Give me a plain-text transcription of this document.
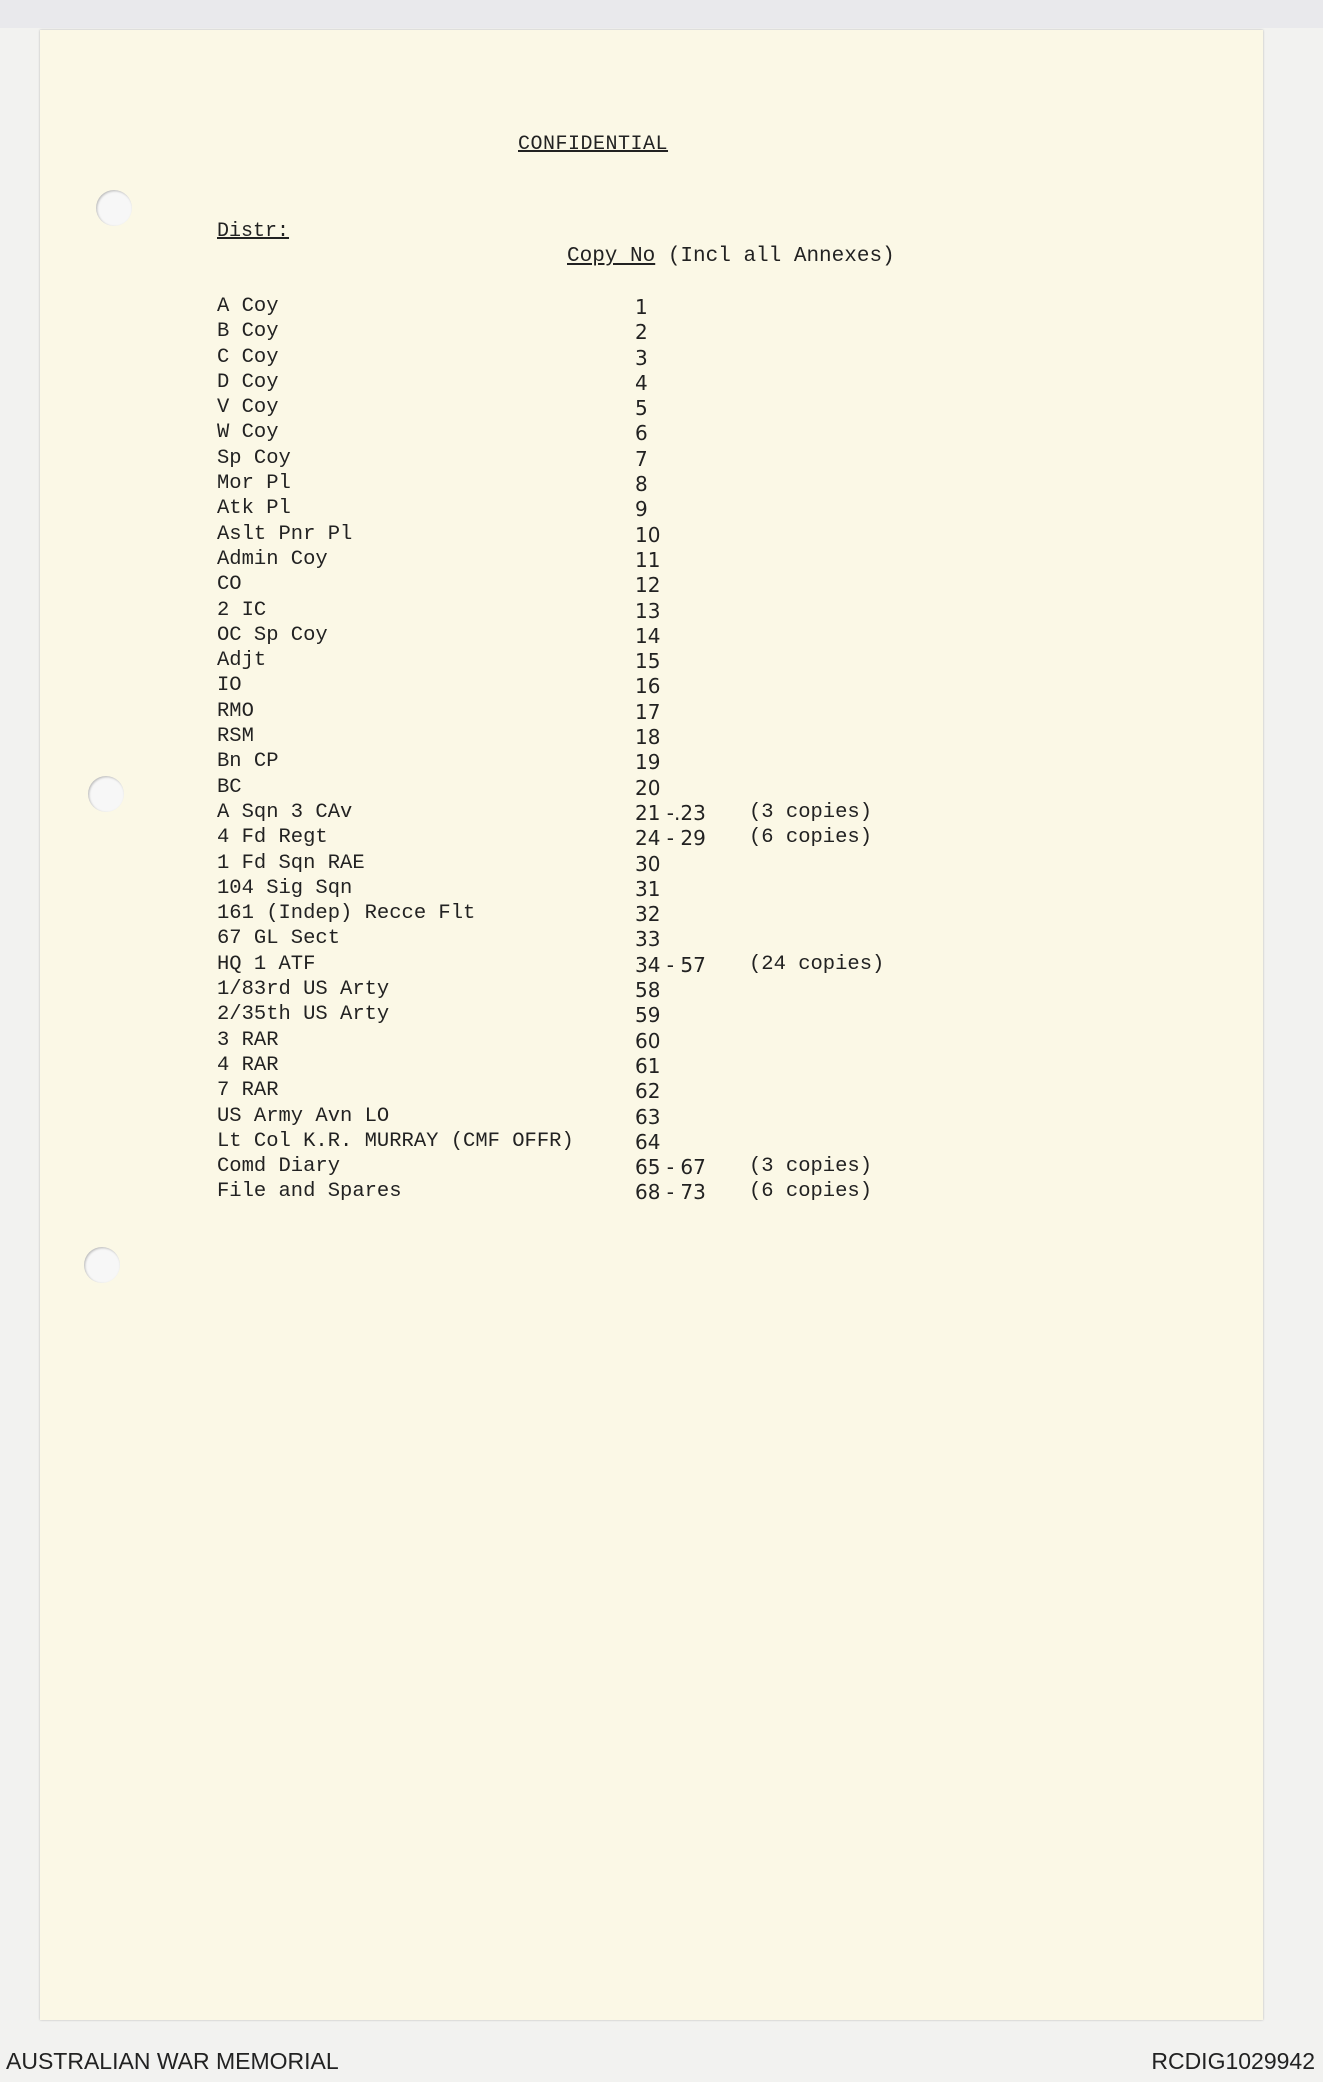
CONFIDENTIAL
Distr:
Copy No (Incl all Annexes)
A Coy	1
B Coy	2
C Coy	3
D Coy	4
V Coy	5
W Coy	6
Sp Coy	7
Mor Pl	8
Atk Pl	9
Aslt Pnr Pl	10
Admin Coy	11
CO	12
2 IC	13
OC Sp Coy	14
Adjt	15
IO	16
RMO	17
RSM	18
Bn CP	19
BC	20
A Sqn 3 CAv	21 -.23 (3 copies)
4 Fd Regt	24 - 29 (6 copies)
1 Fd Sqn RAE	30
104 Sig Sqn	31
161 (Indep) Recce Flt	32
67 GL Sect	33
HQ 1 ATF	34 - 57 (24 copies)
1/83rd US Arty	58
2/35th US Arty	59
3 RAR	60
4 RAR	61
7 RAR	62
US Army Avn LO	63
Lt Col K.R. MURRAY (CMF OFFR)	64
Comd Diary	65 - 67 (3 copies)
File and Spares	68 - 73 (6 copies)
AUSTRALIAN WAR MEMORIAL	RCDIG1029942
